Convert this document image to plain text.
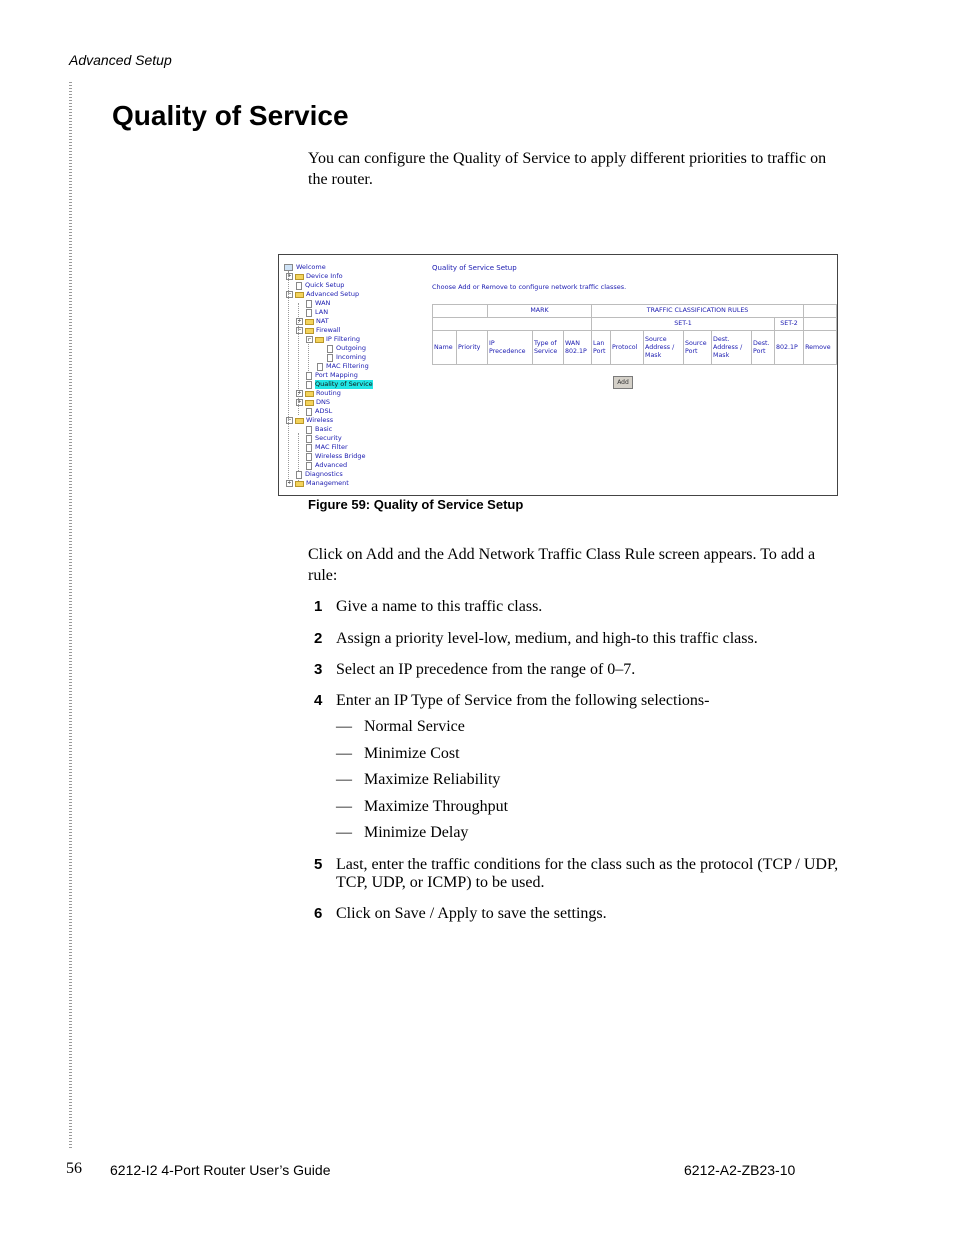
Advanced Setup
Quality of Service

You can configure the Quality of Service to apply different priorities to traffic on the router.

Welcome
+ Device Info
Quick Setup
− Advanced Setup
WAN
LAN
+ NAT
− Firewall
− IP Filtering
Outgoing
Incoming
MAC Filtering
Port Mapping
Quality of Service
+ Routing
+ DNS
ADSL
− Wireless
Basic
Security
MAC Filter
Wireless Bridge
Advanced
Diagnostics
+ Management
Quality of Service Setup
Choose Add or Remove to configure network traffic classes.
		MARK			TRAFFIC CLASSIFICATION RULES							
					SET-1						SET-2	
Name	Priority	IP Precedence	Type of Service	WAN 802.1P	Lan Port	Protocol	Source Address / Mask	Source Port	Dest. Address / Mask	Dest. Port	802.1P	Remove
Add
Figure 59: Quality of Service Setup

Click on Add and the Add Network Traffic Class Rule screen appears. To add a rule:

1 Give a name to this traffic class.
2 Assign a priority level-low, medium, and high-to this traffic class.
3 Select an IP precedence from the range of 0–7.
4 Enter an IP Type of Service from the following selections-
— Normal Service
— Minimize Cost
— Maximize Reliability
— Maximize Throughput
— Minimize Delay
5 Last, enter the traffic conditions for the class such as the protocol (TCP / UDP, TCP, UDP, or ICMP) to be used.
6 Click on Save / Apply to save the settings.
56 6212-I2 4-Port Router User’s Guide	6212-A2-ZB23-10
